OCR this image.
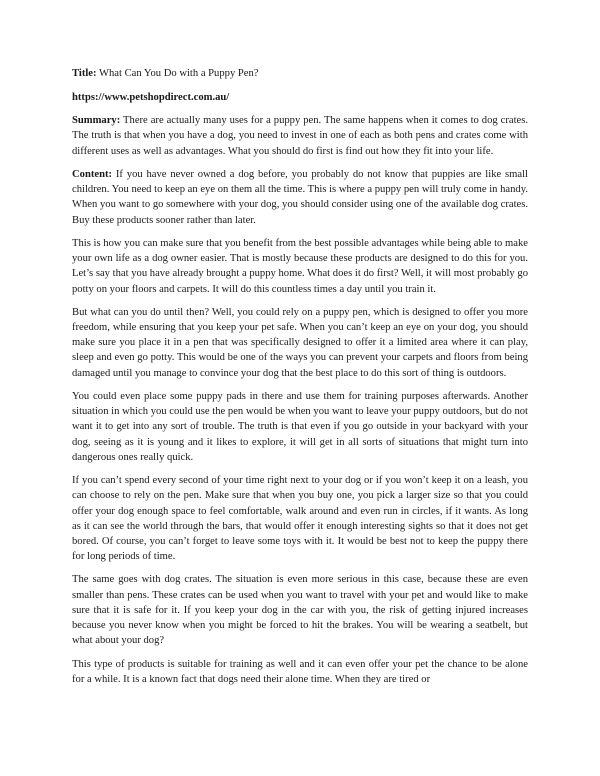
Title: What Can You Do with a Puppy Pen?

https://www.petshopdirect.com.au/

Summary: There are actually many uses for a puppy pen. The same happens when it comes to dog crates. The truth is that when you have a dog, you need to invest in one of each as both pens and crates come with different uses as well as advantages. What you should do first is find out how they fit into your life.

Content: If you have never owned a dog before, you probably do not know that puppies are like small children. You need to keep an eye on them all the time. This is where a puppy pen will truly come in handy. When you want to go somewhere with your dog, you should consider using one of the available dog crates. Buy these products sooner rather than later.

This is how you can make sure that you benefit from the best possible advantages while being able to make your own life as a dog owner easier. That is mostly because these products are designed to do this for you. Let’s say that you have already brought a puppy home. What does it do first? Well, it will most probably go potty on your floors and carpets. It will do this countless times a day until you train it.

But what can you do until then? Well, you could rely on a puppy pen, which is designed to offer you more freedom, while ensuring that you keep your pet safe. When you can’t keep an eye on your dog, you should make sure you place it in a pen that was specifically designed to offer it a limited area where it can play, sleep and even go potty. This would be one of the ways you can prevent your carpets and floors from being damaged until you manage to convince your dog that the best place to do this sort of thing is outdoors.

You could even place some puppy pads in there and use them for training purposes afterwards. Another situation in which you could use the pen would be when you want to leave your puppy outdoors, but do not want it to get into any sort of trouble. The truth is that even if you go outside in your backyard with your dog, seeing as it is young and it likes to explore, it will get in all sorts of situations that might turn into dangerous ones really quick.

If you can’t spend every second of your time right next to your dog or if you won’t keep it on a leash, you can choose to rely on the pen. Make sure that when you buy one, you pick a larger size so that you could offer your dog enough space to feel comfortable, walk around and even run in circles, if it wants. As long as it can see the world through the bars, that would offer it enough interesting sights so that it does not get bored. Of course, you can’t forget to leave some toys with it. It would be best not to keep the puppy there for long periods of time.

The same goes with dog crates. The situation is even more serious in this case, because these are even smaller than pens. These crates can be used when you want to travel with your pet and would like to make sure that it is safe for it. If you keep your dog in the car with you, the risk of getting injured increases because you never know when you might be forced to hit the brakes. You will be wearing a seatbelt, but what about your dog?

This type of products is suitable for training as well and it can even offer your pet the chance to be alone for a while. It is a known fact that dogs need their alone time. When they are tired or
